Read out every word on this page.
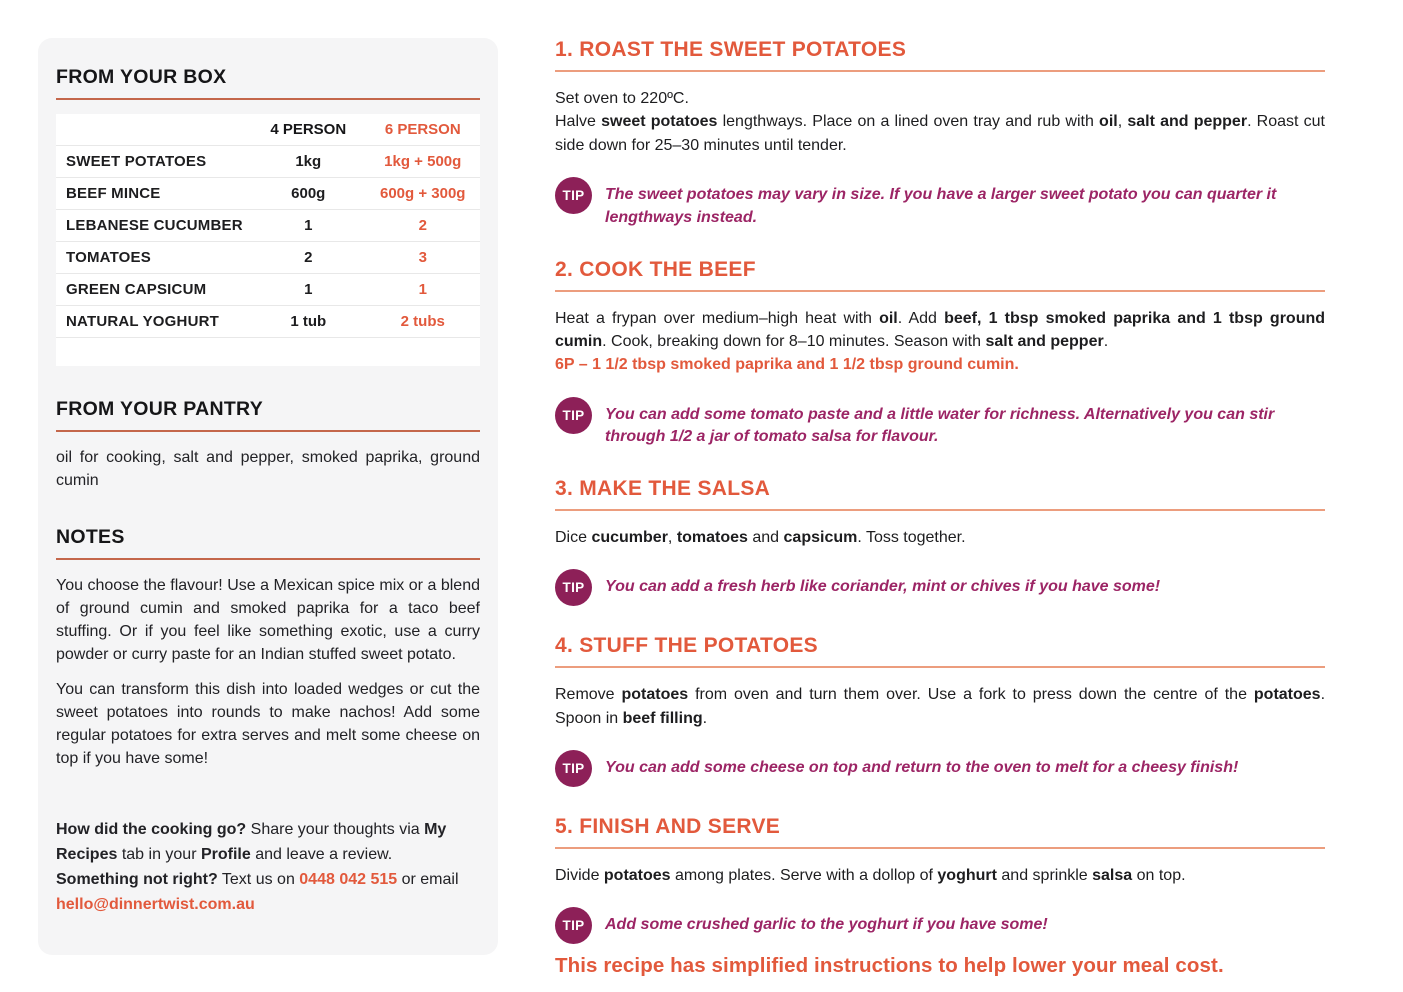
FROM YOUR BOX
	4 PERSON	6 PERSON
SWEET POTATOES	1kg	1kg + 500g
BEEF MINCE	600g	600g + 300g
LEBANESE CUCUMBER	1	2
TOMATOES	2	3
GREEN CAPSICUM	1	1
NATURAL YOGHURT	1 tub	2 tubs

FROM YOUR PANTRY

oil for cooking, salt and pepper, smoked paprika, ground cumin

NOTES

You choose the flavour! Use a Mexican spice mix or a blend of ground cumin and smoked paprika for a taco beef stuffing. Or if you feel like something exotic, use a curry powder or curry paste for an Indian stuffed sweet potato.

You can transform this dish into loaded wedges or cut the sweet potatoes into rounds to make nachos! Add some regular potatoes for extra serves and melt some cheese on top if you have some!

How did the cooking go? Share your thoughts via My Recipes tab in your Profile and leave a review.

Something not right? Text us on 0448 042 515 or email hello@dinnertwist.com.au

1. ROAST THE SWEET POTATOES

Set oven to 220ºC.

Halve sweet potatoes lengthways. Place on a lined oven tray and rub with oil, salt and pepper. Roast cut side down for 25–30 minutes until tender.

TIP	The sweet potatoes may vary in size. If you have a larger sweet potato you can quarter it lengthways instead.
2. COOK THE BEEF

Heat a frypan over medium–high heat with oil. Add beef, 1 tbsp smoked paprika and 1 tbsp ground cumin. Cook, breaking down for 8–10 minutes. Season with salt and pepper.

6P – 1 1/2 tbsp smoked paprika and 1 1/2 tbsp ground cumin.

TIP	You can add some tomato paste and a little water for richness. Alternatively you can stir through 1/2 a jar of tomato salsa for flavour.
3. MAKE THE SALSA

Dice cucumber, tomatoes and capsicum. Toss together.

TIP	You can add a fresh herb like coriander, mint or chives if you have some!
4. STUFF THE POTATOES

Remove potatoes from oven and turn them over. Use a fork to press down the centre of the potatoes. Spoon in beef filling.

TIP	You can add some cheese on top and return to the oven to melt for a cheesy finish!
5. FINISH AND SERVE

Divide potatoes among plates. Serve with a dollop of yoghurt and sprinkle salsa on top.

TIP	Add some crushed garlic to the yoghurt if you have some!

This recipe has simplified instructions to help lower your meal cost.
